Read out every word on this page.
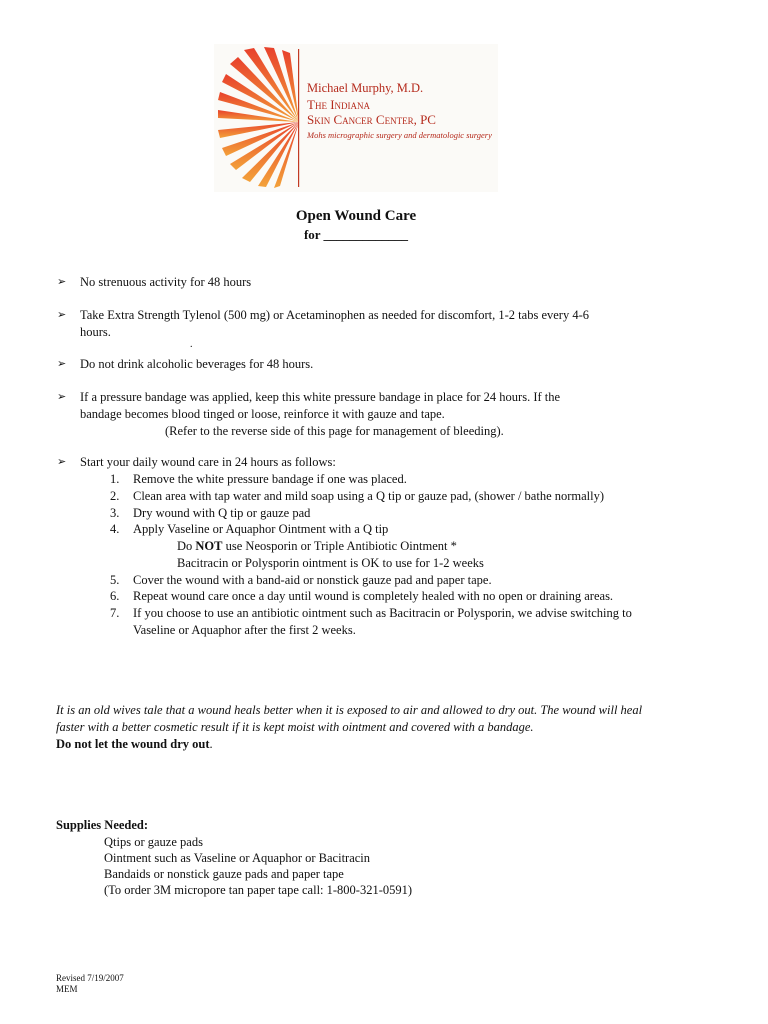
Michael Murphy, M.D.
The Indiana
Skin Cancer Center, PC
Mohs micrographic surgery and dermatologic surgery
Open Wound Care
for _____________
➢ No strenuous activity for 48 hours
➢ Take Extra Strength Tylenol (500 mg) or Acetaminophen as needed for discomfort, 1-2 tabs every 4-6
hours.
.
➢ Do not drink alcoholic beverages for 48 hours.
➢ If a pressure bandage was applied, keep this white pressure bandage in place for 24 hours. If the
bandage becomes blood tinged or loose, reinforce it with gauze and tape.
(Refer to the reverse side of this page for management of bleeding).
➢ Start your daily wound care in 24 hours as follows:
1. Remove the white pressure bandage if one was placed.
2. Clean area with tap water and mild soap using a Q tip or gauze pad, (shower / bathe normally)
3. Dry wound with Q tip or gauze pad
4. Apply Vaseline or Aquaphor Ointment with a Q tip
Do NOT use Neosporin or Triple Antibiotic Ointment *
Bacitracin or Polysporin ointment is OK to use for 1-2 weeks
5. Cover the wound with a band-aid or nonstick gauze pad and paper tape.
6. Repeat wound care once a day until wound is completely healed with no open or draining areas.
7. If you choose to use an antibiotic ointment such as Bacitracin or Polysporin, we advise switching to
Vaseline or Aquaphor after the first 2 weeks.
It is an old wives tale that a wound heals better when it is exposed to air and allowed to dry out. The wound will heal
faster with a better cosmetic result if it is kept moist with ointment and covered with a bandage.
Do not let the wound dry out.
Supplies Needed:
Qtips or gauze pads
Ointment such as Vaseline or Aquaphor or Bacitracin
Bandaids or nonstick gauze pads and paper tape
(To order 3M micropore tan paper tape call: 1-800-321-0591)
Revised 7/19/2007
MEM
